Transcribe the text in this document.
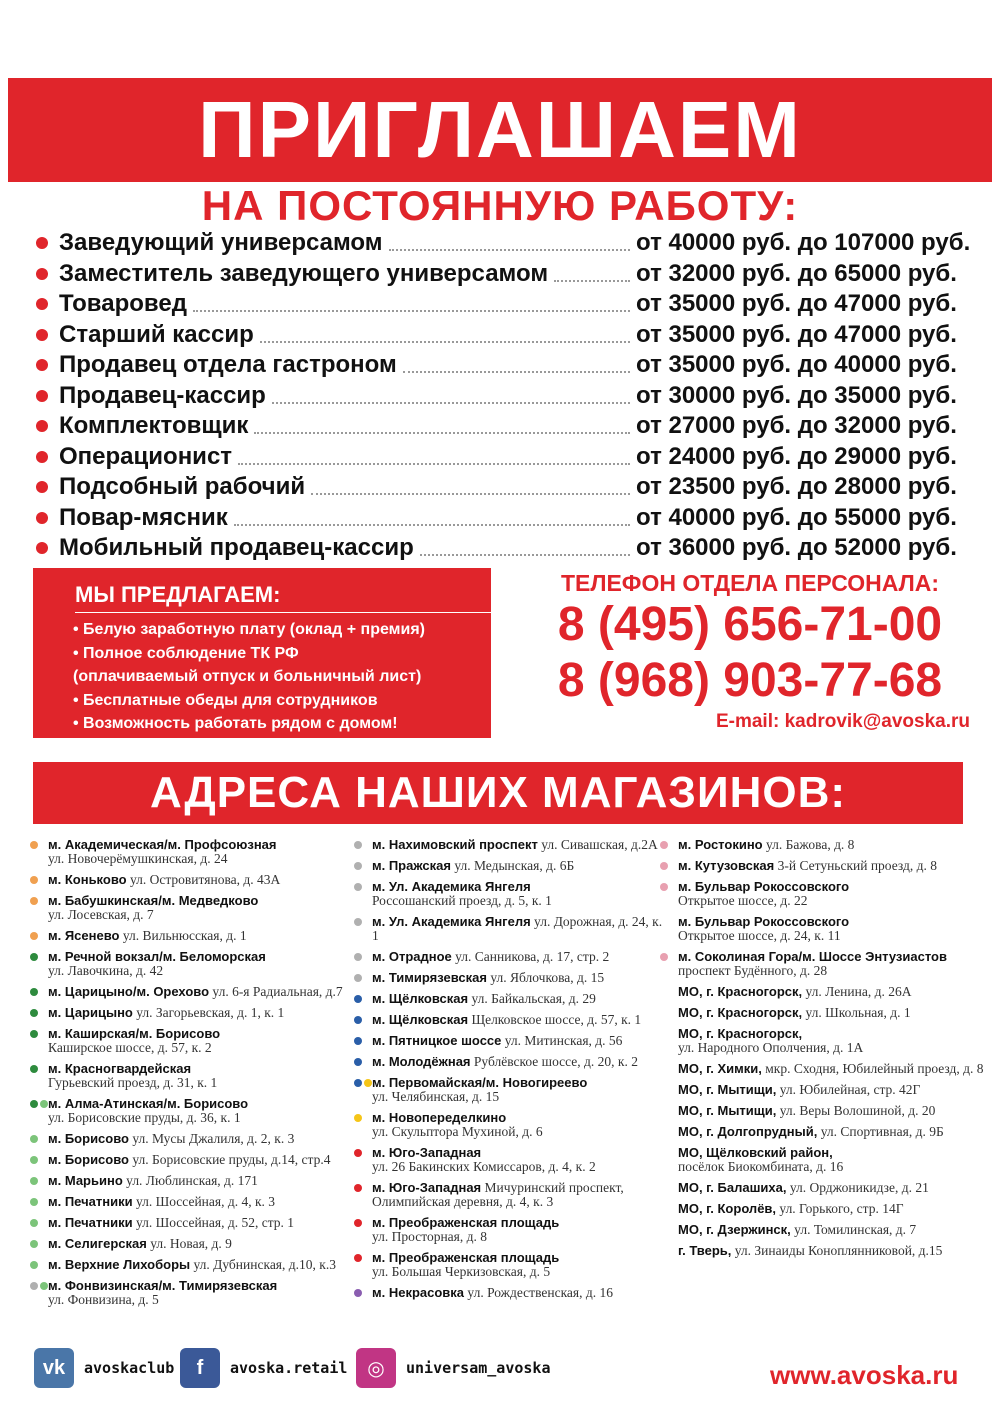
ПРИГЛАШАЕМ
НА ПОСТОЯННУЮ РАБОТУ:
Заведующий универсамом	от 40000 руб. до 107000 руб.
Заместитель заведующего универсамом	от 32000 руб. до 65000 руб.
Товаровед	от 35000 руб. до 47000 руб.
Старший кассир	от 35000 руб. до 47000 руб.
Продавец отдела гастроном	от 35000 руб. до 40000 руб.
Продавец-кассир	от 30000 руб. до 35000 руб.
Комплектовщик	от 27000 руб. до 32000 руб.
Операционист	от 24000 руб. до 29000 руб.
Подсобный рабочий	от 23500 руб. до 28000 руб.
Повар-мясник	от 40000 руб. до 55000 руб.
Мобильный продавец-кассир	от 36000 руб. до 52000 руб.
МЫ ПРЕДЛАГАЕМ:
• Белую заработную плату (оклад + премия)
• Полное соблюдение ТК РФ
(оплачиваемый отпуск и больничный лист)
• Бесплатные обеды для сотрудников
• Возможность работать рядом с домом!
ТЕЛЕФОН ОТДЕЛА ПЕРСОНАЛА:
8 (495) 656-71-00
8 (968) 903-77-68
E-mail: kadrovik@avoska.ru
АДРЕСА НАШИХ МАГАЗИНОВ:
м. Академическая/м. Профсоюзная
ул. Новочерёмушкинская, д. 24
м. Коньково ул. Островитянова, д. 43А
м. Бабушкинская/м. Медведково
ул. Лосевская, д. 7
м. Ясенево ул. Вильнюсская, д. 1
м. Речной вокзал/м. Беломорская
ул. Лавочкина, д. 42
м. Царицыно/м. Орехово ул. 6-я Радиальная, д.7
м. Царицыно ул. Загорьевская, д. 1, к. 1
м. Каширская/м. Борисово
Каширское шоссе, д. 57, к. 2
м. Красногвардейская
Гурьевский проезд, д. 31, к. 1
м. Алма-Атинская/м. Борисово
ул. Борисовские пруды, д. 36, к. 1
м. Борисово ул. Мусы Джалиля, д. 2, к. 3
м. Борисово ул. Борисовские пруды, д.14, стр.4
м. Марьино ул. Люблинская, д. 171
м. Печатники ул. Шоссейная, д. 4, к. 3
м. Печатники ул. Шоссейная, д. 52, стр. 1
м. Селигерская ул. Новая, д. 9
м. Верхние Лихоборы ул. Дубнинская, д.10, к.3
м. Фонвизинская/м. Тимирязевская
ул. Фонвизина, д. 5
м. Нахимовский проспект ул. Сивашская, д.2А
м. Пражская ул. Медынская, д. 6Б
м. Ул. Академика Янгеля
Россошанский проезд, д. 5, к. 1
м. Ул. Академика Янгеля ул. Дорожная, д. 24, к. 1
м. Отрадное ул. Санникова, д. 17, стр. 2
м. Тимирязевская ул. Яблочкова, д. 15
м. Щёлковская ул. Байкальская, д. 29
м. Щёлковская Щелковское шоссе, д. 57, к. 1
м. Пятницкое шоссе ул. Митинская, д. 56
м. Молодёжная Рублёвское шоссе, д. 20, к. 2
м. Первомайская/м. Новогиреево
ул. Челябинская, д. 15
м. Новопеределкино
ул. Скульптора Мухиной, д. 6
м. Юго-Западная
ул. 26 Бакинских Комиссаров, д. 4, к. 2
м. Юго-Западная Мичуринский проспект, Олимпийская деревня, д. 4, к. 3
м. Преображенская площадь
ул. Просторная, д. 8
м. Преображенская площадь
ул. Большая Черкизовская, д. 5
м. Некрасовка ул. Рождественская, д. 16
м. Ростокино ул. Бажова, д. 8
м. Кутузовская 3-й Сетуньский проезд, д. 8
м. Бульвар Рокоссовского
Открытое шоссе, д. 22
м. Бульвар Рокоссовского
Открытое шоссе, д. 24, к. 11
м. Соколиная Гора/м. Шоссе Энтузиастов
проспект Будённого, д. 28
МО, г. Красногорск, ул. Ленина, д. 26А
МО, г. Красногорск, ул. Школьная, д. 1
МО, г. Красногорск,
ул. Народного Ополчения, д. 1А
МО, г. Химки, мкр. Сходня, Юбилейный проезд, д. 8
МО, г. Мытищи, ул. Юбилейная, стр. 42Г
МО, г. Мытищи, ул. Веры Волошиной, д. 20
МО, г. Долгопрудный, ул. Спортивная, д. 9Б
МО, Щёлковский район,
посёлок Биокомбината, д. 16
МО, г. Балашиха, ул. Орджоникидзе, д. 21
МО, г. Королёв, ул. Горького, стр. 14Г
МО, г. Дзержинск, ул. Томилинская, д. 7
г. Тверь, ул. Зинаиды Коноплянниковой, д.15
vk	avoskaclub	f	avoska.retail ◎	universam_avoska	www.avoska.ru
